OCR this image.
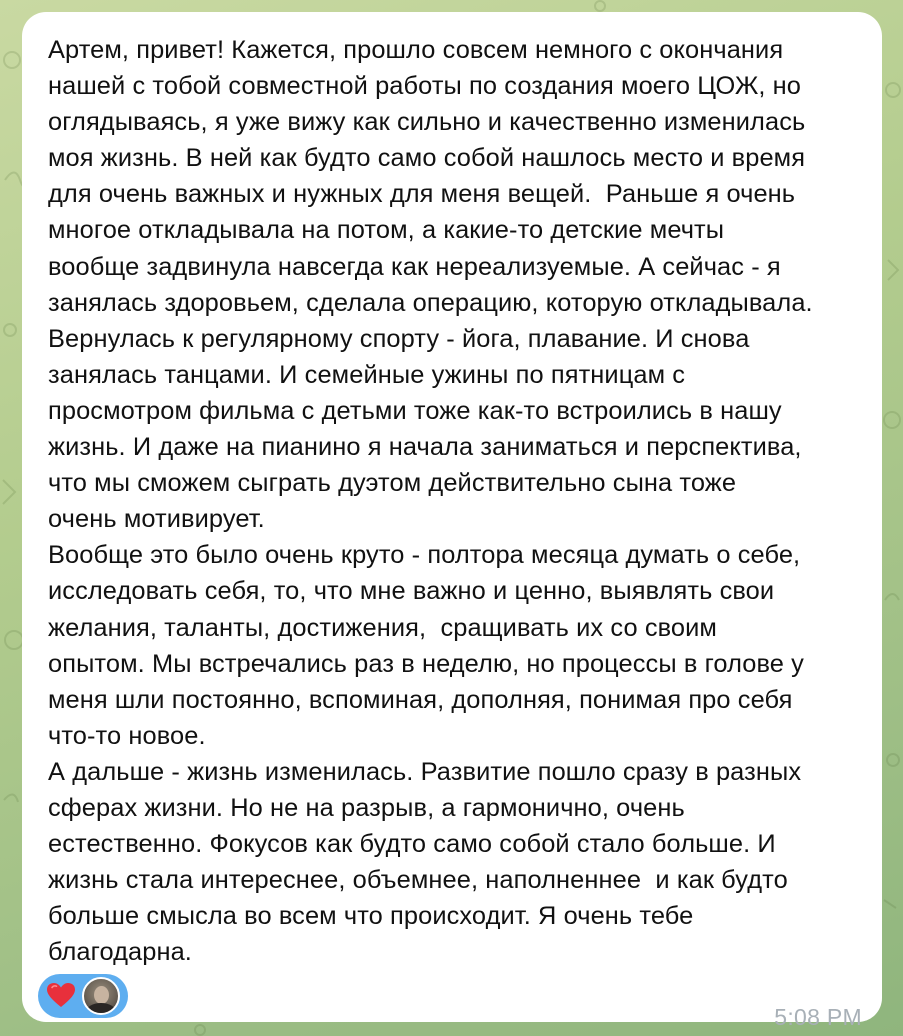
Артем, привет! Кажется, прошло совсем немного с окончания
нашей с тобой совместной работы по создания моего ЦОЖ, но
оглядываясь, я уже вижу как сильно и качественно изменилась
моя жизнь. В ней как будто само собой нашлось место и время
для очень важных и нужных для меня вещей.  Раньше я очень
многое откладывала на потом, а какие-то детские мечты
вообще задвинула навсегда как нереализуемые. А сейчас - я
занялась здоровьем, сделала операцию, которую откладывала.
Вернулась к регулярному спорту - йога, плавание. И снова
занялась танцами. И семейные ужины по пятницам с
просмотром фильма с детьми тоже как-то встроились в нашу
жизнь. И даже на пианино я начала заниматься и перспектива,
что мы сможем сыграть дуэтом действительно сына тоже
очень мотивирует.
Вообще это было очень круто - полтора месяца думать о себе,
исследовать себя, то, что мне важно и ценно, выявлять свои
желания, таланты, достижения,  сращивать их со своим
опытом. Мы встречались раз в неделю, но процессы в голове у
меня шли постоянно, вспоминая, дополняя, понимая про себя
что-то новое.
А дальше - жизнь изменилась. Развитие пошло сразу в разных
сферах жизни. Но не на разрыв, а гармонично, очень
естественно. Фокусов как будто само собой стало больше. И
жизнь стала интереснее, объемнее, наполненнее  и как будто
больше смысла во всем что происходит. Я очень тебе
благодарна.

5:08 PM
